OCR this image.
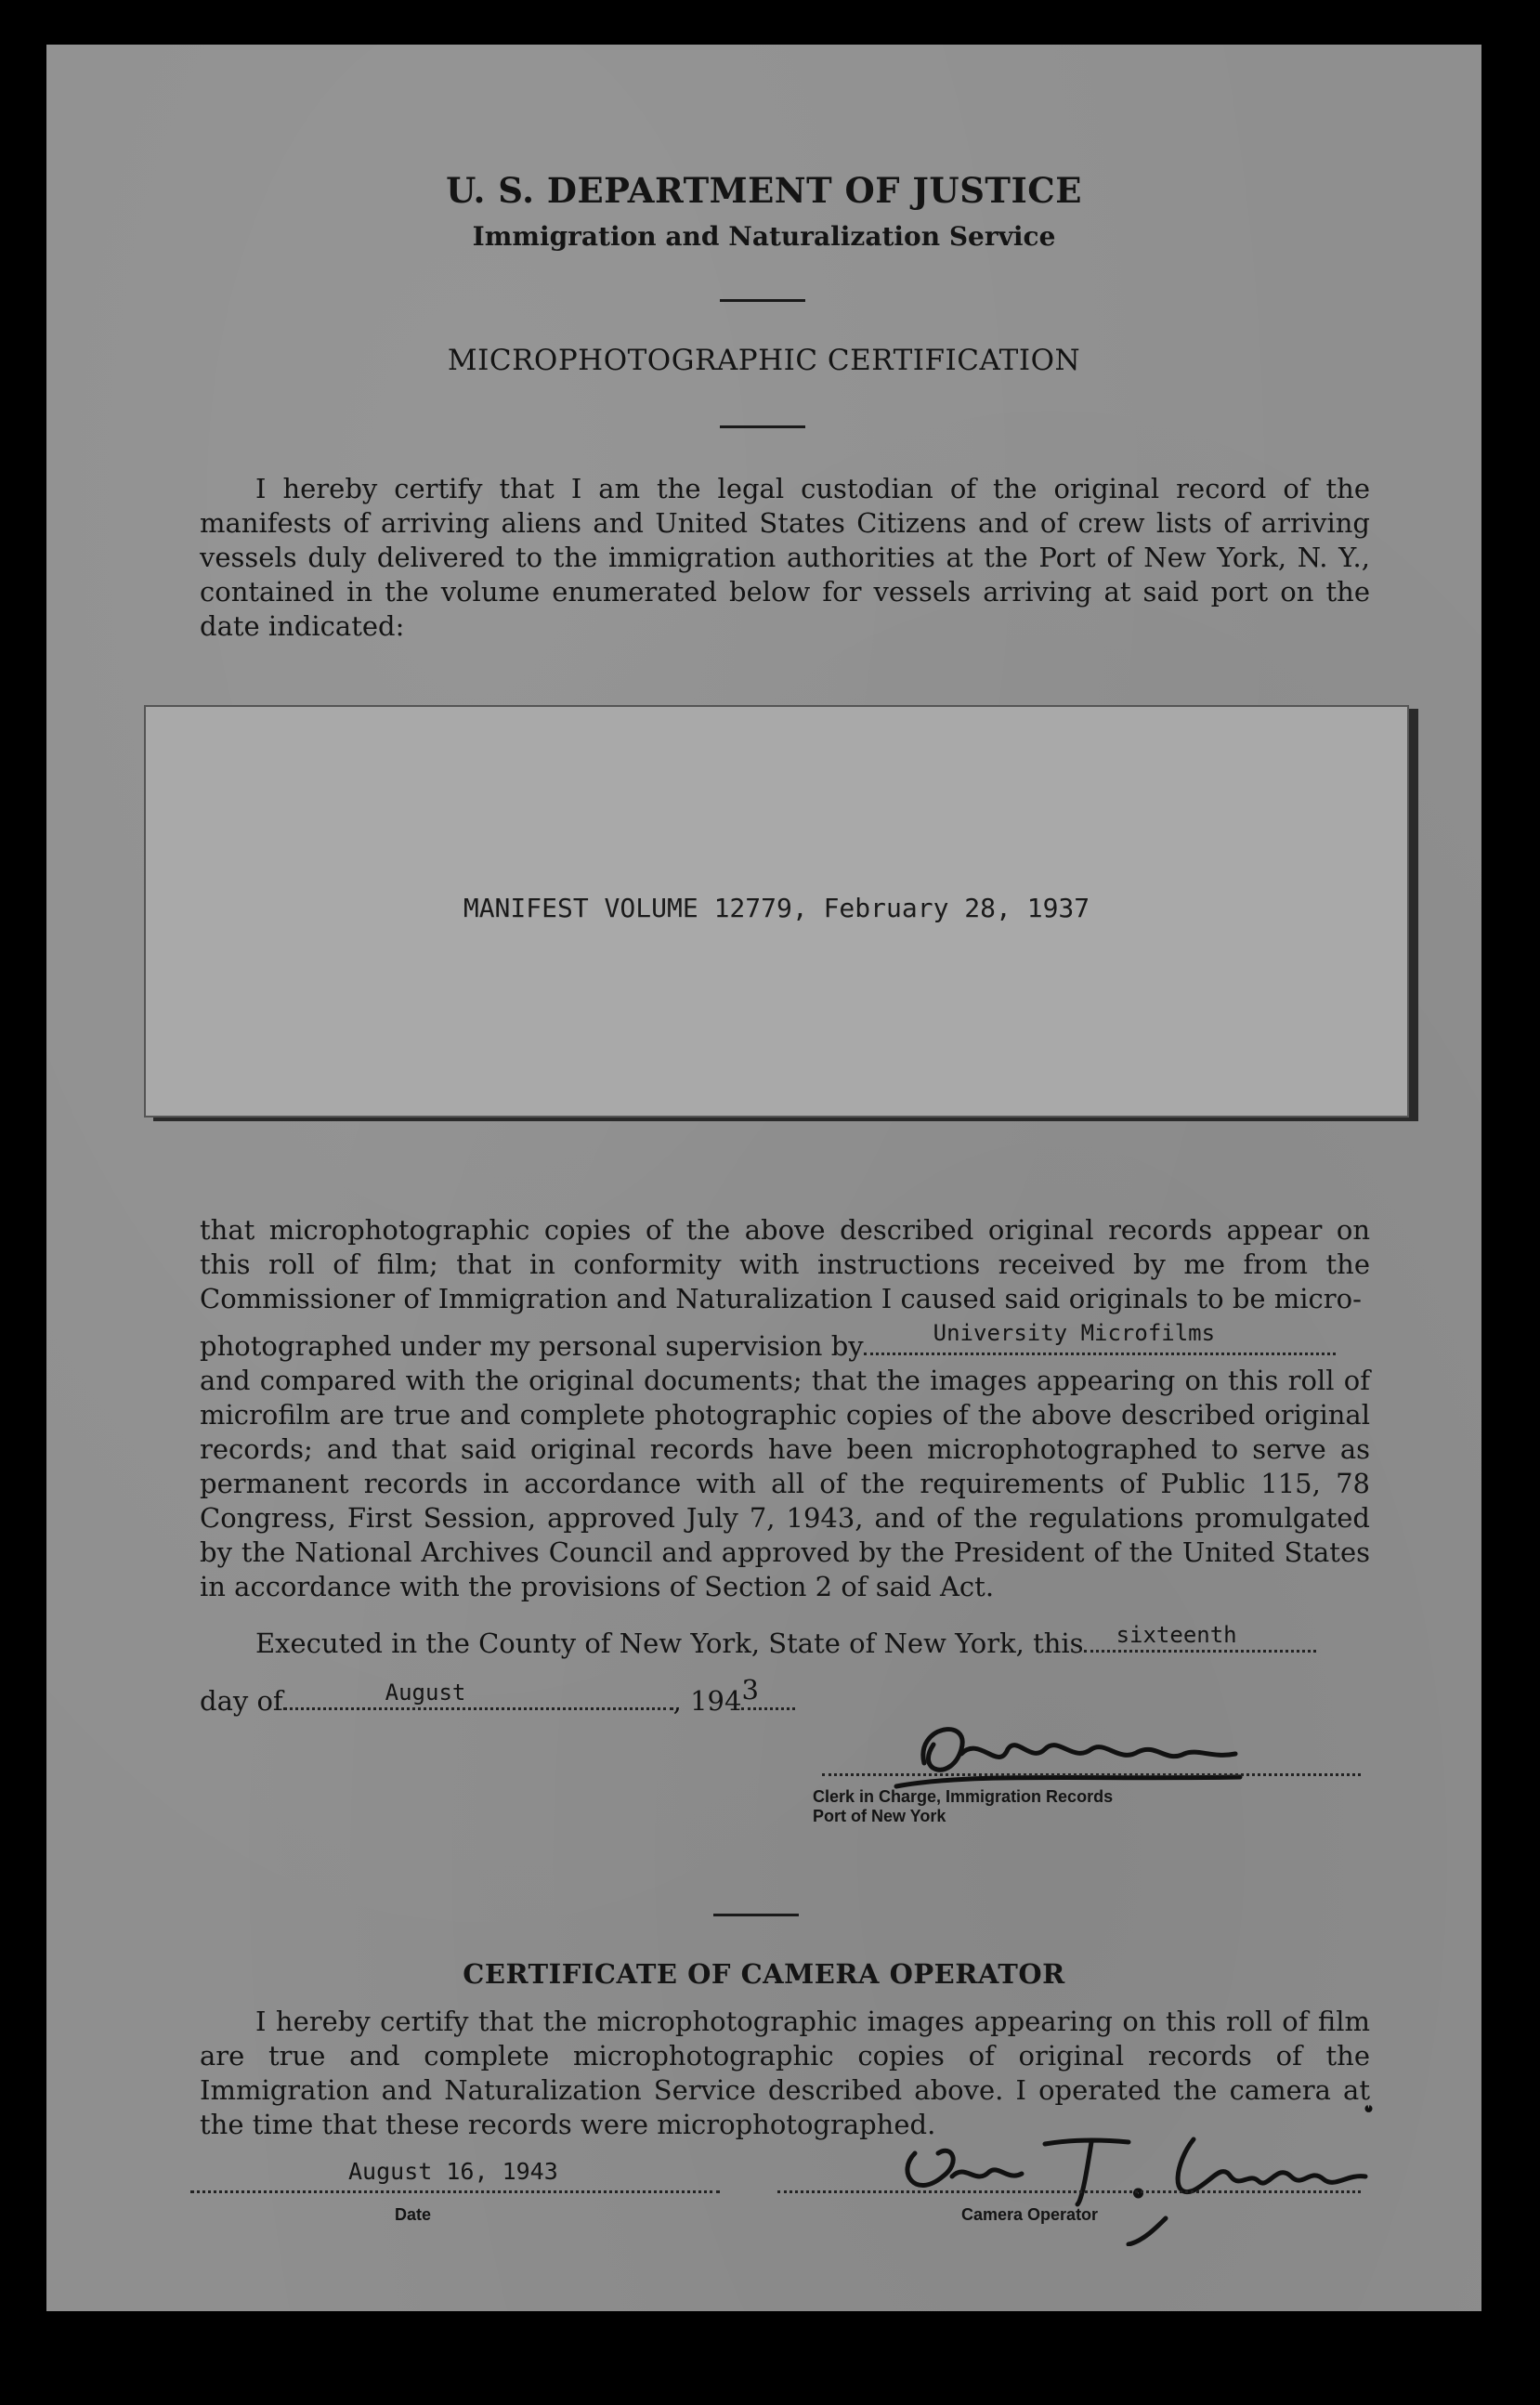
U. S. DEPARTMENT OF JUSTICE
Immigration and Naturalization Service
MICROPHOTOGRAPHIC CERTIFICATION

I hereby certify that I am the legal custodian of the original record of the manifests of arriving aliens and United States Citizens and of crew lists of arriving vessels duly delivered to the immigration authorities at the Port of New York, N. Y., contained in the volume enumerated below for vessels arriving at said port on the date indicated:

MANIFEST VOLUME 12779, February 28, 1937

that microphotographic copies of the above described original records appear on this roll of film; that in conformity with instructions received by me from the Commissioner of Immigration and Naturalization I caused said originals to be micro-

photographed under my personal supervision by	University Microfilms

and compared with the original documents; that the images appearing on this roll of microfilm are true and complete photographic copies of the above described original records; and that said original records have been microphotographed to serve as permanent records in accordance with all of the requirements of Public 115, 78 Congress, First Session, approved July 7, 1943, and of the regulations promulgated by the National Archives Council and approved by the President of the United States in accordance with the provisions of Section 2 of said Act.

Executed in the County of New York, State of New York, this sixteenth
day of	August	, 194 3
Clerk in Charge, Immigration Records
Port of New York
CERTIFICATE OF CAMERA OPERATOR

I hereby certify that the microphotographic images appearing on this roll of film are true and complete microphotographic copies of original records of the Immigration and Naturalization Service described above. I operated the camera at the time that these records were microphotographed.

August 16, 1943
Date	Camera Operator
